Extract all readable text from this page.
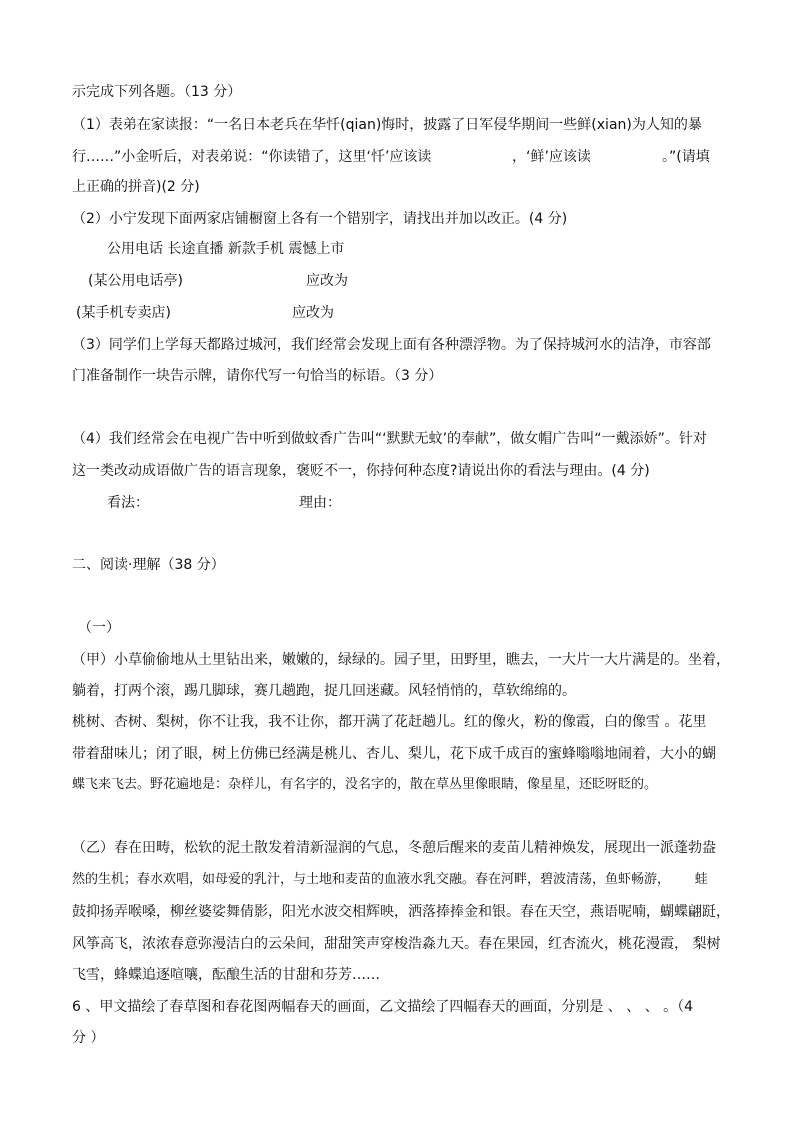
示完成下列各题。（13 分）
（1）表弟在家读报：“一名日本老兵在华忏(qian)悔时，披露了日军侵华期间一些鲜(xian)为人知的暴
行……”小金听后，对表弟说：“你读错了，这里‘忏’应该读	，‘鲜’应该读	。”(请填
上正确的拼音)(2 分)
（2）小宁发现下面两家店铺橱窗上各有一个错别字，请找出并加以改正。(4 分)
公用电话 长途直播 新款手机 震憾上市
(某公用电话亭)	应改为
(某手机专卖店)	应改为
（3）同学们上学每天都路过城河，我们经常会发现上面有各种漂浮物。为了保持城河水的洁净，市容部
门准备制作一块告示牌，请你代写一句恰当的标语。（3 分）
（4）我们经常会在电视广告中听到做蚊香广告叫“‘默默无蚊’的奉献”，做女帽广告叫“一戴添娇”。针对
这一类改动成语做广告的语言现象，褒贬不一，你持何种态度?请说出你的看法与理由。(4 分)
看法：	理由：
二、阅读·理解（38 分）
（一）
（甲）小草偷偷地从土里钻出来，嫩嫩的，绿绿的。园子里，田野里，瞧去，一大片一大片满是的。坐着，
躺着，打两个滚，踢几脚球，赛几趟跑，捉几回迷藏。风轻悄悄的，草软绵绵的。
桃树、杏树、梨树，你不让我，我不让你，都开满了花赶趟儿。红的像火，粉的像霞，白的像雪 。花里
带着甜味儿；闭了眼，树上仿佛已经满是桃儿、杏儿、梨儿，花下成千成百的蜜蜂嗡嗡地闹着，大小的蝴
蝶飞来飞去。野花遍地是：杂样儿，有名字的，没名字的，散在草丛里像眼睛，像星星，还眨呀眨的。
（乙）春在田畴，松软的泥土散发着清新湿润的气息，冬憩后醒来的麦苗儿精神焕发，展现出一派蓬勃盎
然的生机；春水欢唱，如母爱的乳汁，与土地和麦苗的血液水乳交融。春在河畔，碧波清荡，鱼虾畅游，      蛙
鼓抑扬弄喉嗓，柳丝婆娑舞倩影，阳光水波交相辉映，洒落捧捧金和银。春在天空，燕语呢喃，蝴蝶翩跹，
风筝高飞，浓浓春意弥漫洁白的云朵间，甜甜笑声穿梭浩淼九天。春在果园，红杏流火，桃花漫霞， 梨树
飞雪，蜂蝶追逐喧嚷，酝酿生活的甘甜和芬芳……
6 、甲文描绘了春草图和春花图两幅春天的画面，乙文描绘了四幅春天的画面，分别是 、 、 、 。（4
分 ）
